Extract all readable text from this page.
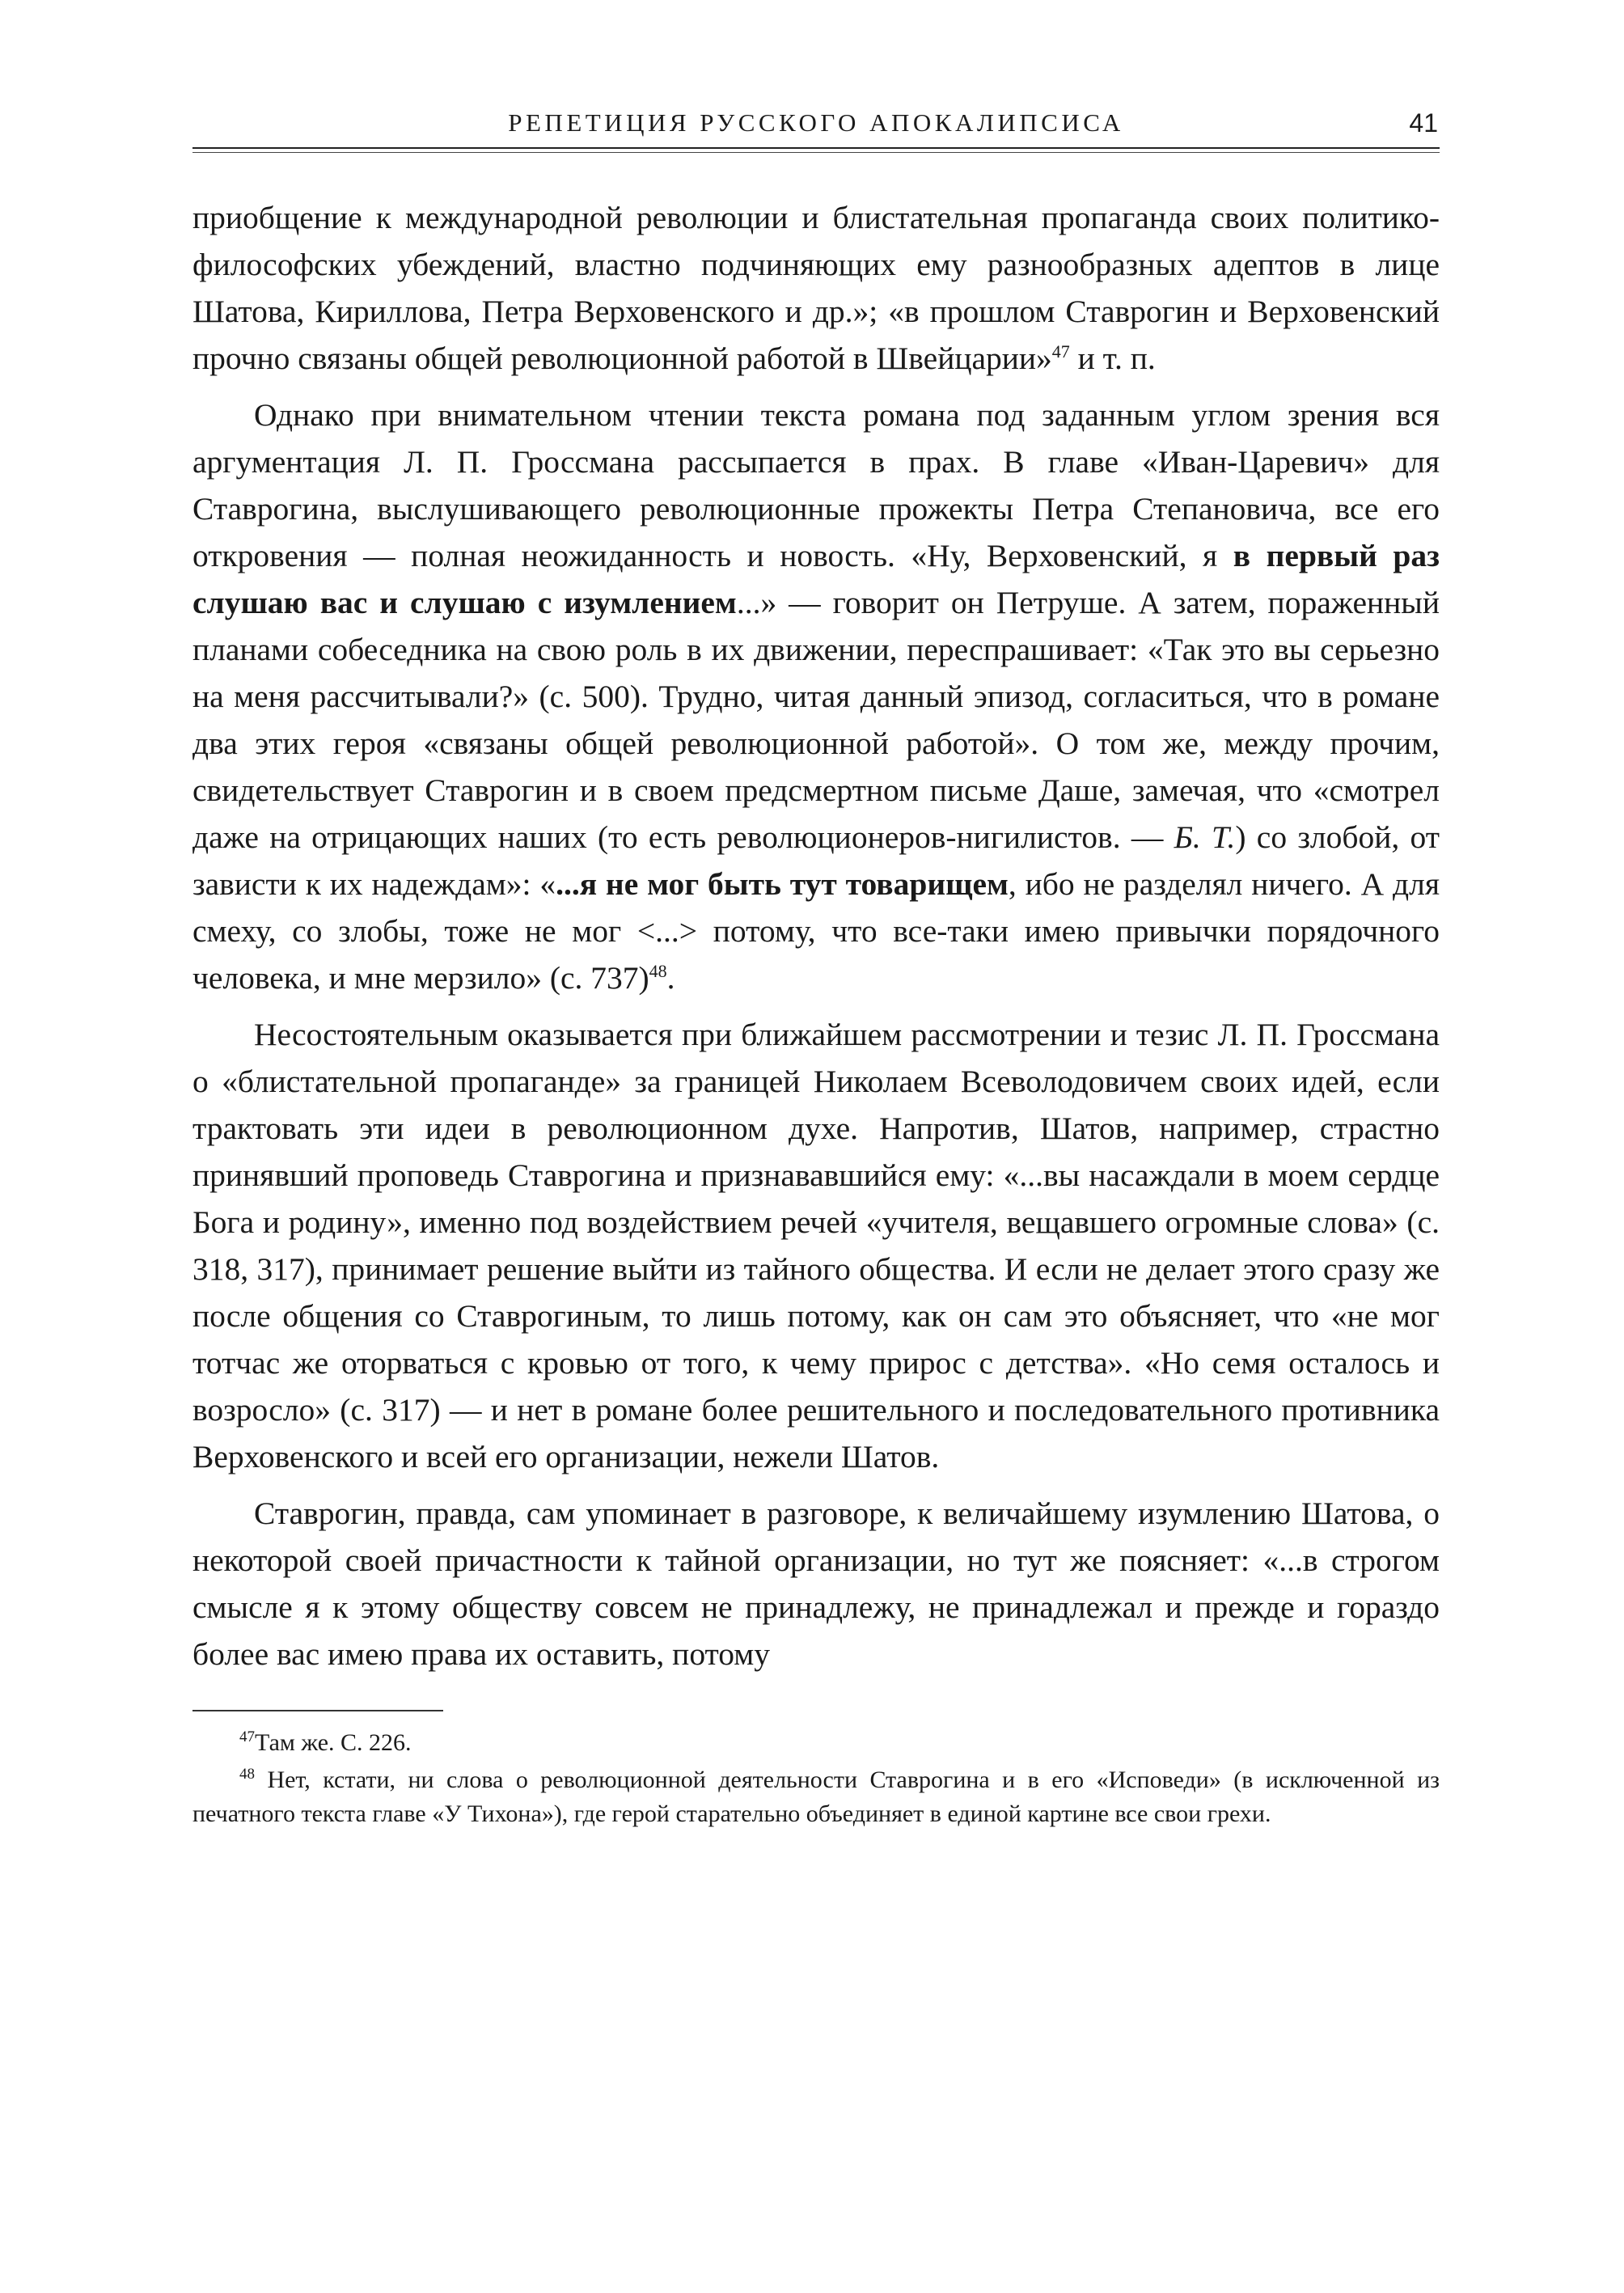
РЕПЕТИЦИЯ РУССКОГО АПОКАЛИПСИСА	41

приобщение к международной революции и блистательная пропаганда своих политико-философских убеждений, властно подчиняющих ему разнообразных адептов в лице Шатова, Кириллова, Петра Верховенского и др.»; «в прошлом Ставрогин и Верховенский прочно связаны общей революционной работой в Швейцарии»$^{47}$ и т. п.

Однако при внимательном чтении текста романа под заданным углом зрения вся аргументация Л. П. Гроссмана рассыпается в прах. В главе «Иван-Царевич» для Ставрогина, выслушивающего революционные прожекты Петра Степановича, все его откровения — полная неожиданность и новость. «Ну, Верховенский, я в первый раз слушаю вас и слушаю с изумлением...» — говорит он Петруше. А затем, пораженный планами собеседника на свою роль в их движении, переспрашивает: «Так это вы серьезно на меня рассчитывали?» (с. 500). Трудно, читая данный эпизод, согласиться, что в романе два этих героя «связаны общей революционной работой». О том же, между прочим, свидетельствует Ставрогин и в своем предсмертном письме Даше, замечая, что «смотрел даже на отрицающих наших (то есть революционеров-нигилистов. — Б. Т.) со злобой, от зависти к их надеждам»: «...я не мог быть тут товарищем, ибо не разделял ничего. А для смеху, со злобы, тоже не мог <...> потому, что все-таки имею привычки порядочного человека, и мне мерзило» (с. 737)$^{48}$.

Несостоятельным оказывается при ближайшем рассмотрении и тезис Л. П. Гроссмана о «блистательной пропаганде» за границей Николаем Всеволодовичем своих идей, если трактовать эти идеи в революционном духе. Напротив, Шатов, например, страстно принявший проповедь Ставрогина и признававшийся ему: «...вы насаждали в моем сердце Бога и родину», именно под воздействием речей «учителя, вещавшего огромные слова» (с. 318, 317), принимает решение выйти из тайного общества. И если не делает этого сразу же после общения со Ставрогиным, то лишь потому, как он сам это объясняет, что «не мог тотчас же оторваться с кровью от того, к чему прирос с детства». «Но семя осталось и возросло» (с. 317) — и нет в романе более решительного и последовательного противника Верховенского и всей его организации, нежели Шатов.

Ставрогин, правда, сам упоминает в разговоре, к величайшему изумлению Шатова, о некоторой своей причастности к тайной организации, но тут же поясняет: «...в строгом смысле я к этому обществу совсем не принадлежу, не принадлежал и прежде и гораздо более вас имею права их оставить, потому

$^{47}$Там же. С. 226.

$^{48}$ Нет, кстати, ни слова о революционной деятельности Ставрогина и в его «Исповеди» (в исключенной из печатного текста главе «У Тихона»), где герой старательно объединяет в единой картине все свои грехи.
